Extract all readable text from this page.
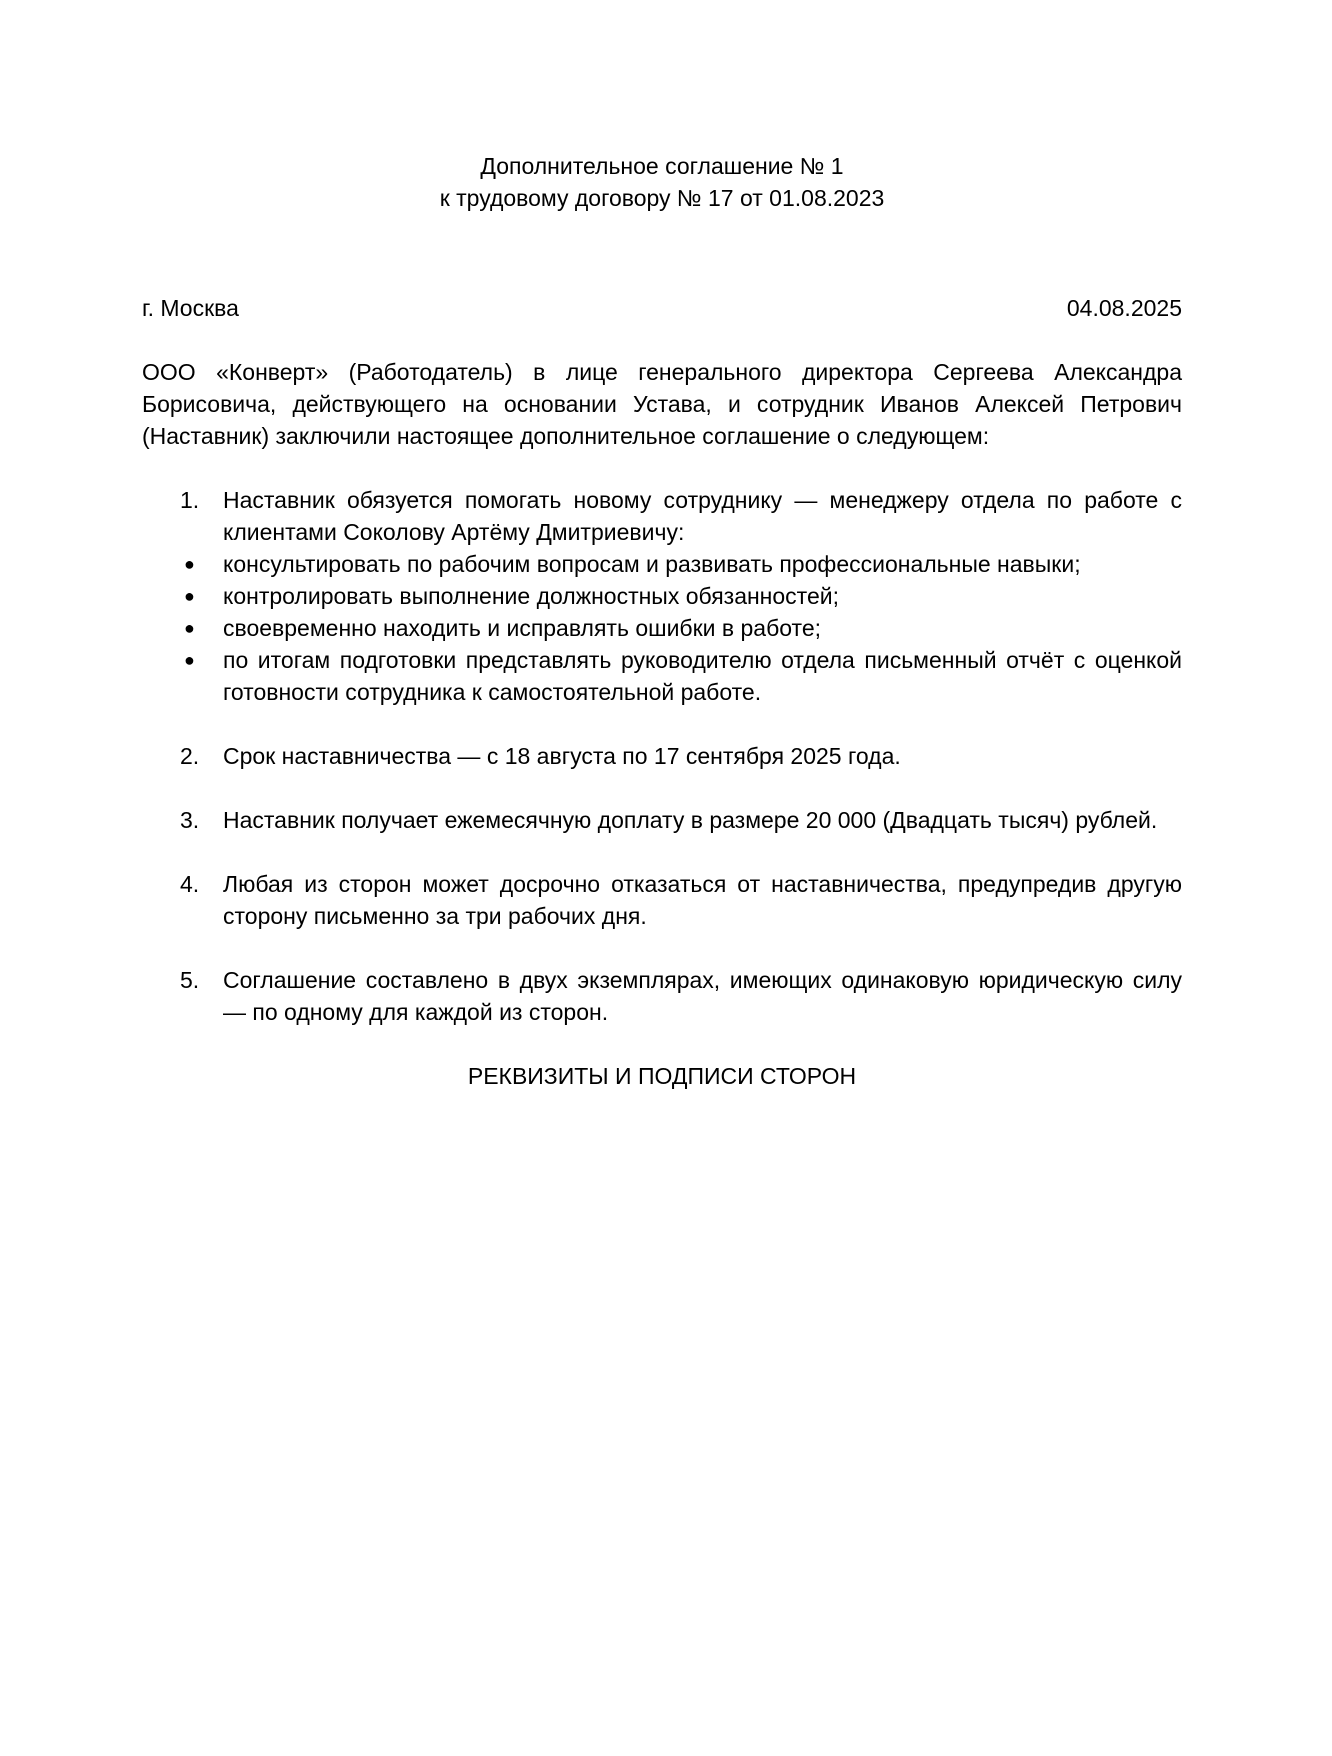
Дополнительное соглашение № 1
к трудовому договору № 17 от 01.08.2023
г. Москва	04.08.2025
ООО «Конверт» (Работодатель) в лице генерального директора Сергеева Александра Борисовича, действующего на основании Устава, и сотрудник Иванов Алексей Петрович (Наставник) заключили настоящее дополнительное соглашение о следующем:
1. Наставник обязуется помогать новому сотруднику — менеджеру отдела по работе с клиентами Соколову Артёму Дмитриевичу:
● консультировать по рабочим вопросам и развивать профессиональные навыки;
● контролировать выполнение должностных обязанностей;
● своевременно находить и исправлять ошибки в работе;
● по итогам подготовки представлять руководителю отдела письменный отчёт с оценкой готовности сотрудника к самостоятельной работе.
2. Срок наставничества — с 18 августа по 17 сентября 2025 года.
3. Наставник получает ежемесячную доплату в размере 20 000 (Двадцать тысяч) рублей.
4. Любая из сторон может досрочно отказаться от наставничества, предупредив другую сторону письменно за три рабочих дня.
5. Соглашение составлено в двух экземплярах, имеющих одинаковую юридическую силу — по одному для каждой из сторон.
РЕКВИЗИТЫ И ПОДПИСИ СТОРОН
